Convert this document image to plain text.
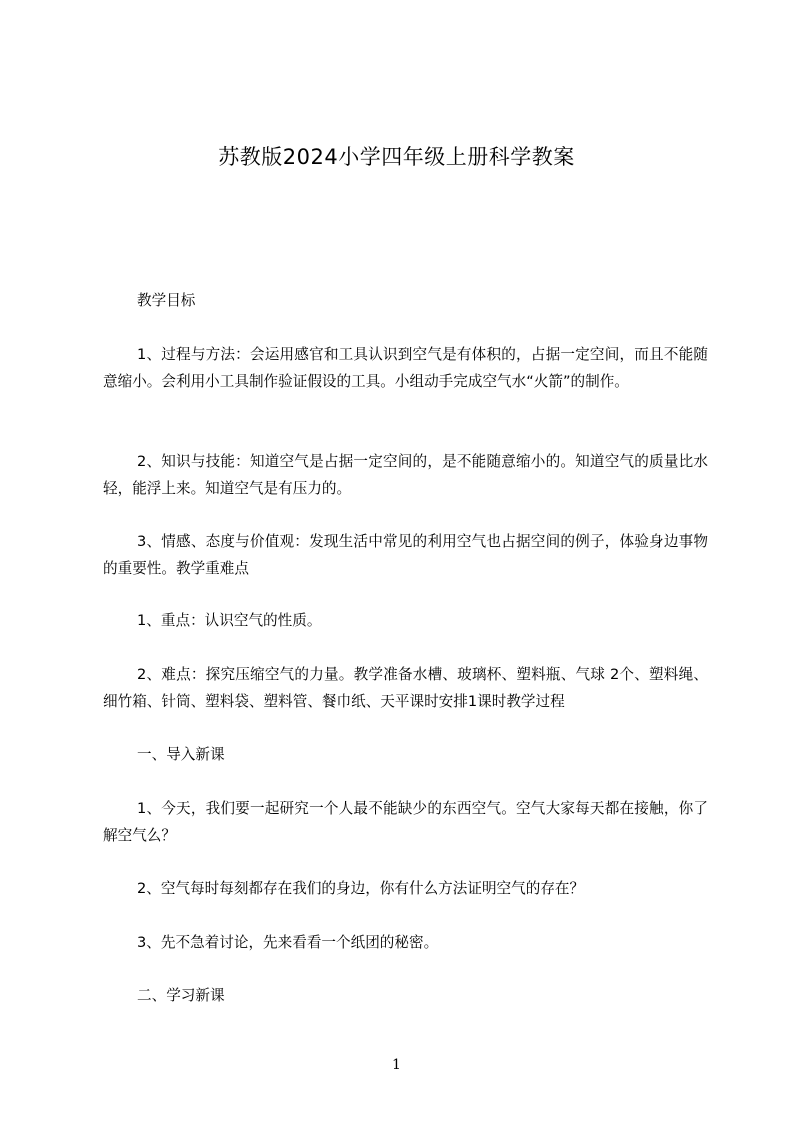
苏教版2024小学四年级上册科学教案

教学目标

1、过程与方法：会运用感官和工具认识到空气是有体积的，占据一定空间，而且不能随意缩小。会利用小工具制作验证假设的工具。小组动手完成空气水“火箭”的制作。

2、知识与技能：知道空气是占据一定空间的，是不能随意缩小的。知道空气的质量比水轻，能浮上来。知道空气是有压力的。

3、情感、态度与价值观：发现生活中常见的利用空气也占据空间的例子，体验身边事物的重要性。教学重难点

1、重点：认识空气的性质。

2、难点：探究压缩空气的力量。教学准备水槽、玻璃杯、塑料瓶、气球 2个、塑料绳、细竹箱、针筒、塑料袋、塑料管、餐巾纸、天平课时安排1课时教学过程

一、导入新课

1、今天，我们要一起研究一个人最不能缺少的东西空气。空气大家每天都在接触，你了解空气么？

2、空气每时每刻都存在我们的身边，你有什么方法证明空气的存在？

3、先不急着讨论，先来看看一个纸团的秘密。

二、学习新课

1
